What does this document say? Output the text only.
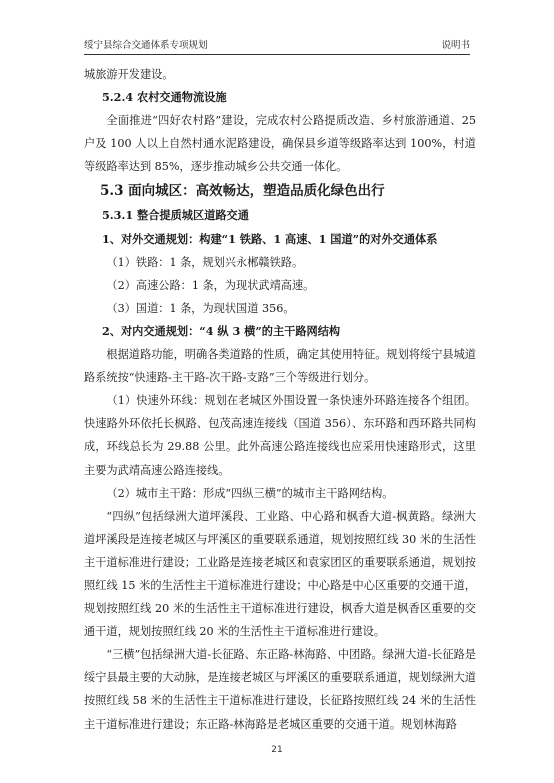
绥宁县综合交通体系专项规划	说明书

城旅游开发建设。

5.2.4 农村交通物流设施

全面推进“四好农村路”建设，完成农村公路提质改造、乡村旅游通道、25户及 100 人以上自然村通水泥路建设，确保县乡道等级路率达到 100%，村道等级路率达到 85%，逐步推动城乡公共交通一体化。

5.3 面向城区：高效畅达，塑造品质化绿色出行

5.3.1 整合提质城区道路交通

1、对外交通规划：构建“1 铁路、1 高速、1 国道”的对外交通体系

（1）铁路：1 条，规划兴永郴赣铁路。

（2）高速公路：1 条，为现状武靖高速。

（3）国道：1 条，为现状国道 356。

2、对内交通规划：“4 纵 3 横”的主干路网结构

根据道路功能，明确各类道路的性质，确定其使用特征。规划将绥宁县城道路系统按“快速路-主干路-次干路-支路”三个等级进行划分。

（1）快速外环线：规划在老城区外围设置一条快速外环路连接各个组团。快速路外环依托长枫路、包茂高速连接线（国道 356）、东环路和西环路共同构成，环线总长为 29.88 公里。此外高速公路连接线也应采用快速路形式，这里主要为武靖高速公路连接线。

（2）城市主干路：形成“四纵三横”的城市主干路网结构。

“四纵”包括绿洲大道坪溪段、工业路、中心路和枫香大道-枫黄路。绿洲大道坪溪段是连接老城区与坪溪区的重要联系通道，规划按照红线 30 米的生活性主干道标准进行建设；工业路是连接老城区和袁家团区的重要联系通道，规划按照红线 15 米的生活性主干道标准进行建设；中心路是中心区重要的交通干道，规划按照红线 20 米的生活性主干道标准进行建设，枫香大道是枫香区重要的交通干道，规划按照红线 20 米的生活性主干道标准进行建设。

“三横”包括绿洲大道-长征路、东正路-林海路、中团路。绿洲大道-长征路是绥宁县最主要的大动脉，是连接老城区与坪溪区的重要联系通道，规划绿洲大道按照红线 58 米的生活性主干道标准进行建设，长征路按照红线 24 米的生活性主干道标准进行建设；东正路-林海路是老城区重要的交通干道。规划林海路

21
